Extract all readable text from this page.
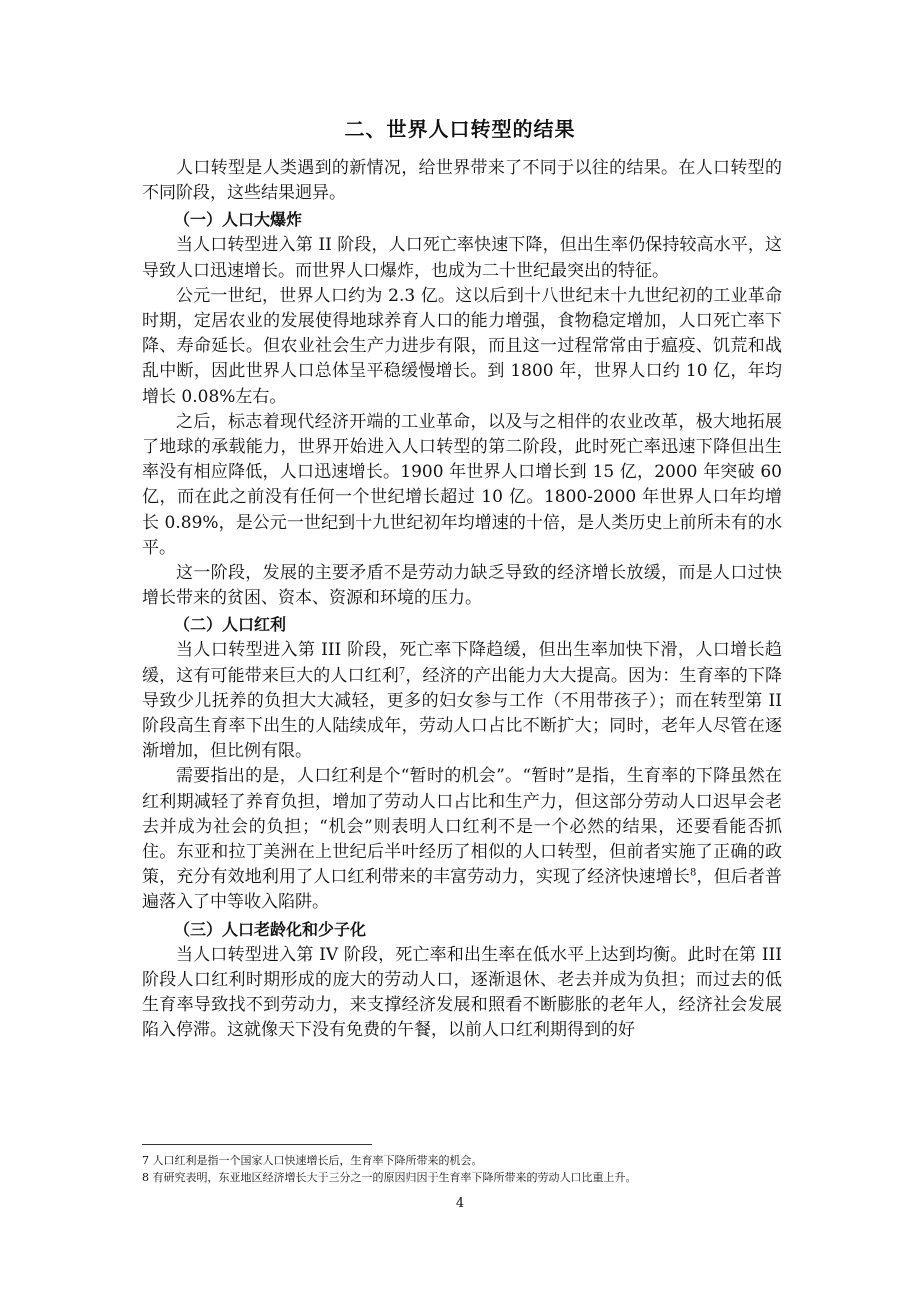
二、世界人口转型的结果

人口转型是人类遇到的新情况，给世界带来了不同于以往的结果。在人口转型的不同阶段，这些结果迥异。

（一）人口大爆炸

当人口转型进入第 II 阶段，人口死亡率快速下降，但出生率仍保持较高水平，这导致人口迅速增长。而世界人口爆炸，也成为二十世纪最突出的特征。

公元一世纪，世界人口约为 2.3 亿。这以后到十八世纪末十九世纪初的工业革命时期，定居农业的发展使得地球养育人口的能力增强，食物稳定增加，人口死亡率下降、寿命延长。但农业社会生产力进步有限，而且这一过程常常由于瘟疫、饥荒和战乱中断，因此世界人口总体呈平稳缓慢增长。到 1800 年，世界人口约 10 亿，年均增长 0.08%左右。

之后，标志着现代经济开端的工业革命，以及与之相伴的农业改革，极大地拓展了地球的承载能力，世界开始进入人口转型的第二阶段，此时死亡率迅速下降但出生率没有相应降低，人口迅速增长。1900 年世界人口增长到 15 亿，2000 年突破 60 亿，而在此之前没有任何一个世纪增长超过 10 亿。1800-2000 年世界人口年均增长 0.89%，是公元一世纪到十九世纪初年均增速的十倍，是人类历史上前所未有的水平。

这一阶段，发展的主要矛盾不是劳动力缺乏导致的经济增长放缓，而是人口过快增长带来的贫困、资本、资源和环境的压力。

（二）人口红利

当人口转型进入第 III 阶段，死亡率下降趋缓，但出生率加快下滑，人口增长趋缓，这有可能带来巨大的人口红利$^7$，经济的产出能力大大提高。因为：生育率的下降导致少儿抚养的负担大大减轻，更多的妇女参与工作（不用带孩子）；而在转型第 II 阶段高生育率下出生的人陆续成年，劳动人口占比不断扩大；同时，老年人尽管在逐渐增加，但比例有限。

需要指出的是，人口红利是个“暂时的机会”。“暂时”是指，生育率的下降虽然在红利期减轻了养育负担，增加了劳动人口占比和生产力，但这部分劳动人口迟早会老去并成为社会的负担；“机会”则表明人口红利不是一个必然的结果，还要看能否抓住。东亚和拉丁美洲在上世纪后半叶经历了相似的人口转型，但前者实施了正确的政策，充分有效地利用了人口红利带来的丰富劳动力，实现了经济快速增长$^8$，但后者普遍落入了中等收入陷阱。

（三）人口老龄化和少子化

当人口转型进入第 IV 阶段，死亡率和出生率在低水平上达到均衡。此时在第 III 阶段人口红利时期形成的庞大的劳动人口，逐渐退休、老去并成为负担；而过去的低生育率导致找不到劳动力，来支撑经济发展和照看不断膨胀的老年人，经济社会发展陷入停滞。这就像天下没有免费的午餐，以前人口红利期得到的好

7 人口红利是指一个国家人口快速增长后，生育率下降所带来的机会。
8 有研究表明，东亚地区经济增长大于三分之一的原因归因于生育率下降所带来的劳动人口比重上升。
4
